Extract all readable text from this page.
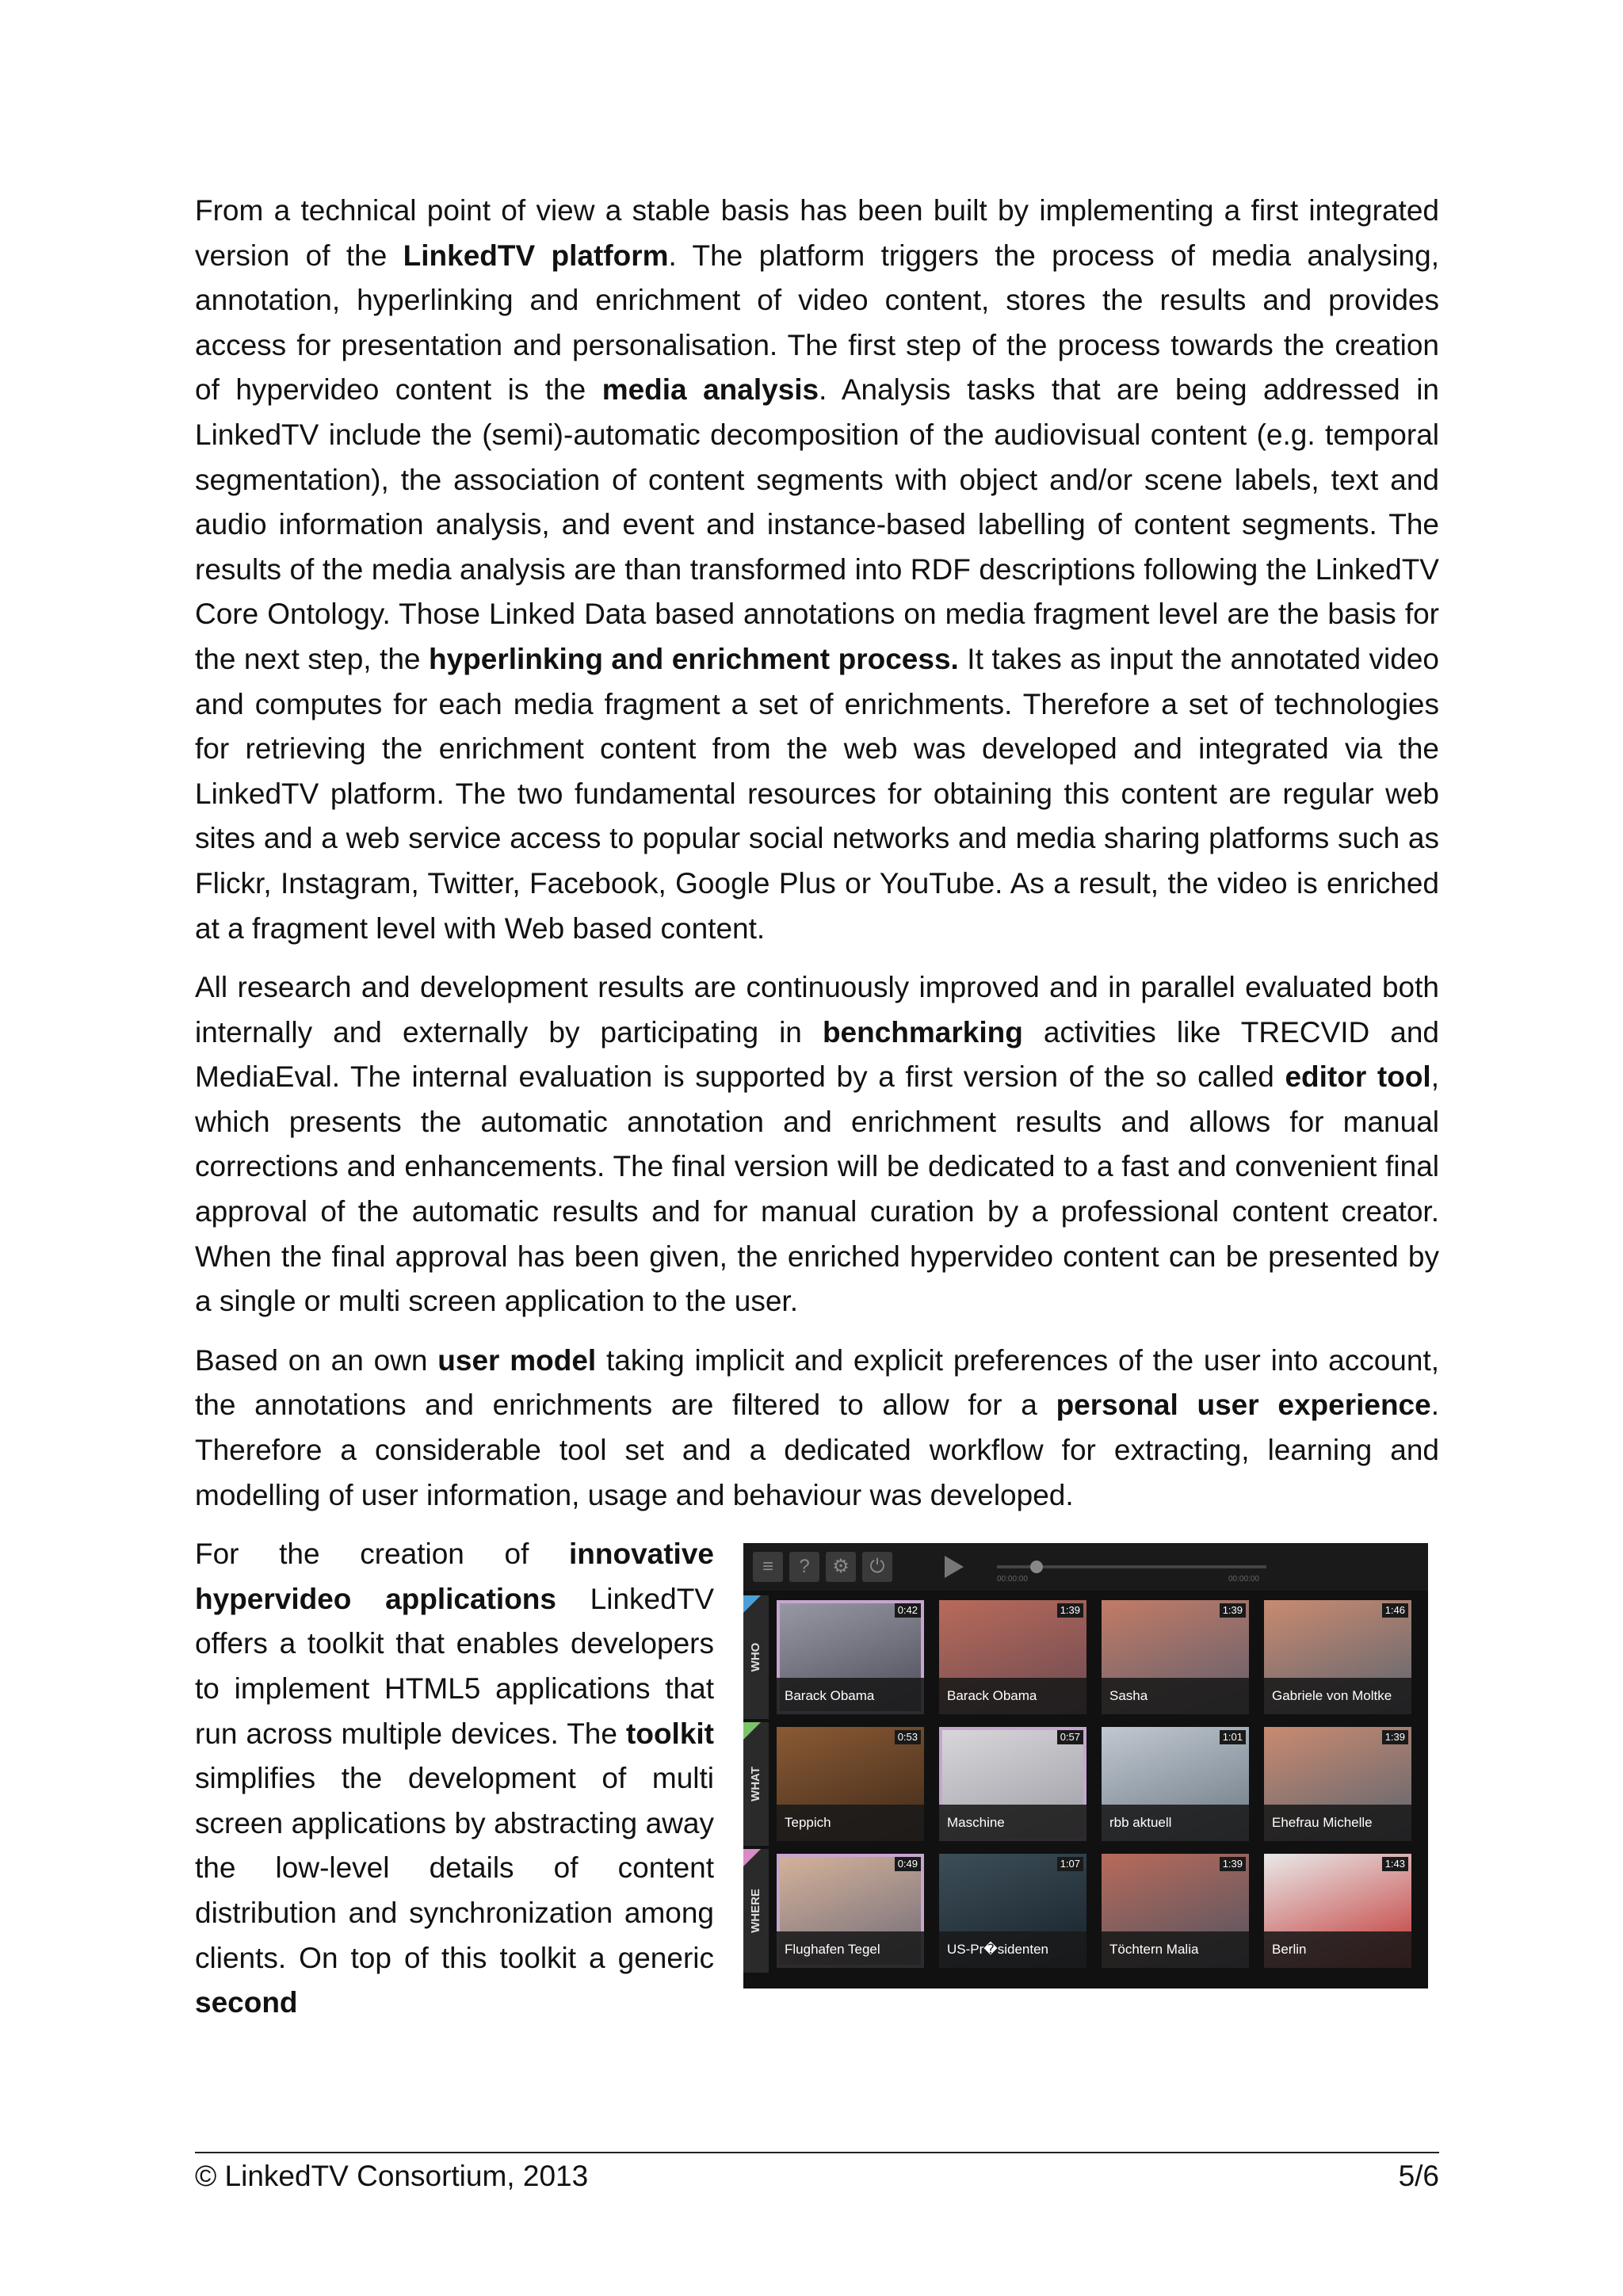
From a technical point of view a stable basis has been built by implementing a first integrated version of the LinkedTV platform. The platform triggers the process of media analysing, annotation, hyperlinking and enrichment of video content, stores the results and provides access for presentation and personalisation. The first step of the process towards the creation of hypervideo content is the media analysis. Analysis tasks that are being addressed in LinkedTV include the (semi)-automatic decomposition of the audiovisual content (e.g. temporal segmentation), the association of content segments with object and/or scene labels, text and audio information analysis, and event and instance-based labelling of content segments. The results of the media analysis are than transformed into RDF descriptions following the LinkedTV Core Ontology. Those Linked Data based annotations on media fragment level are the basis for the next step, the hyperlinking and enrichment process. It takes as input the annotated video and computes for each media fragment a set of enrichments. Therefore a set of technologies for retrieving the enrichment content from the web was developed and integrated via the LinkedTV platform. The two fundamental resources for obtaining this content are regular web sites and a web service access to popular social networks and media sharing platforms such as Flickr, Instagram, Twitter, Facebook, Google Plus or YouTube. As a result, the video is enriched at a fragment level with Web based content.

All research and development results are continuously improved and in parallel evaluated both internally and externally by participating in benchmarking activities like TRECVID and MediaEval. The internal evaluation is supported by a first version of the so called editor tool, which presents the automatic annotation and enrichment results and allows for manual corrections and enhancements. The final version will be dedicated to a fast and convenient final approval of the automatic results and for manual curation by a professional content creator. When the final approval has been given, the enriched hypervideo content can be presented by a single or multi screen application to the user.

Based on an own user model taking implicit and explicit preferences of the user into account, the annotations and enrichments are filtered to allow for a personal user experience. Therefore a considerable tool set and a dedicated workflow for extracting, learning and modelling of user information, usage and behaviour was developed.

For the creation of innovative hypervideo applications LinkedTV offers a toolkit that enables developers to implement HTML5 applications that run across multiple devices. The toolkit simplifies the development of multi screen applications by abstracting away the low-level details of content distribution and synchronization among clients. On top of this toolkit a generic second

≡	?	⚙	⏻
00:00:00	00:00:00
WHO
0:42
Barack Obama
1:39
Barack Obama
1:39
Sasha
1:46
Gabriele von Moltke
WHAT
0:53
Teppich
0:57
Maschine
1:01
rbb aktuell
1:39
Ehefrau Michelle
WHERE
0:49
Flughafen Tegel
1:07
US-Pr�sidenten
1:39
Töchtern Malia
1:43
Berlin
© LinkedTV Consortium, 2013	5/6
